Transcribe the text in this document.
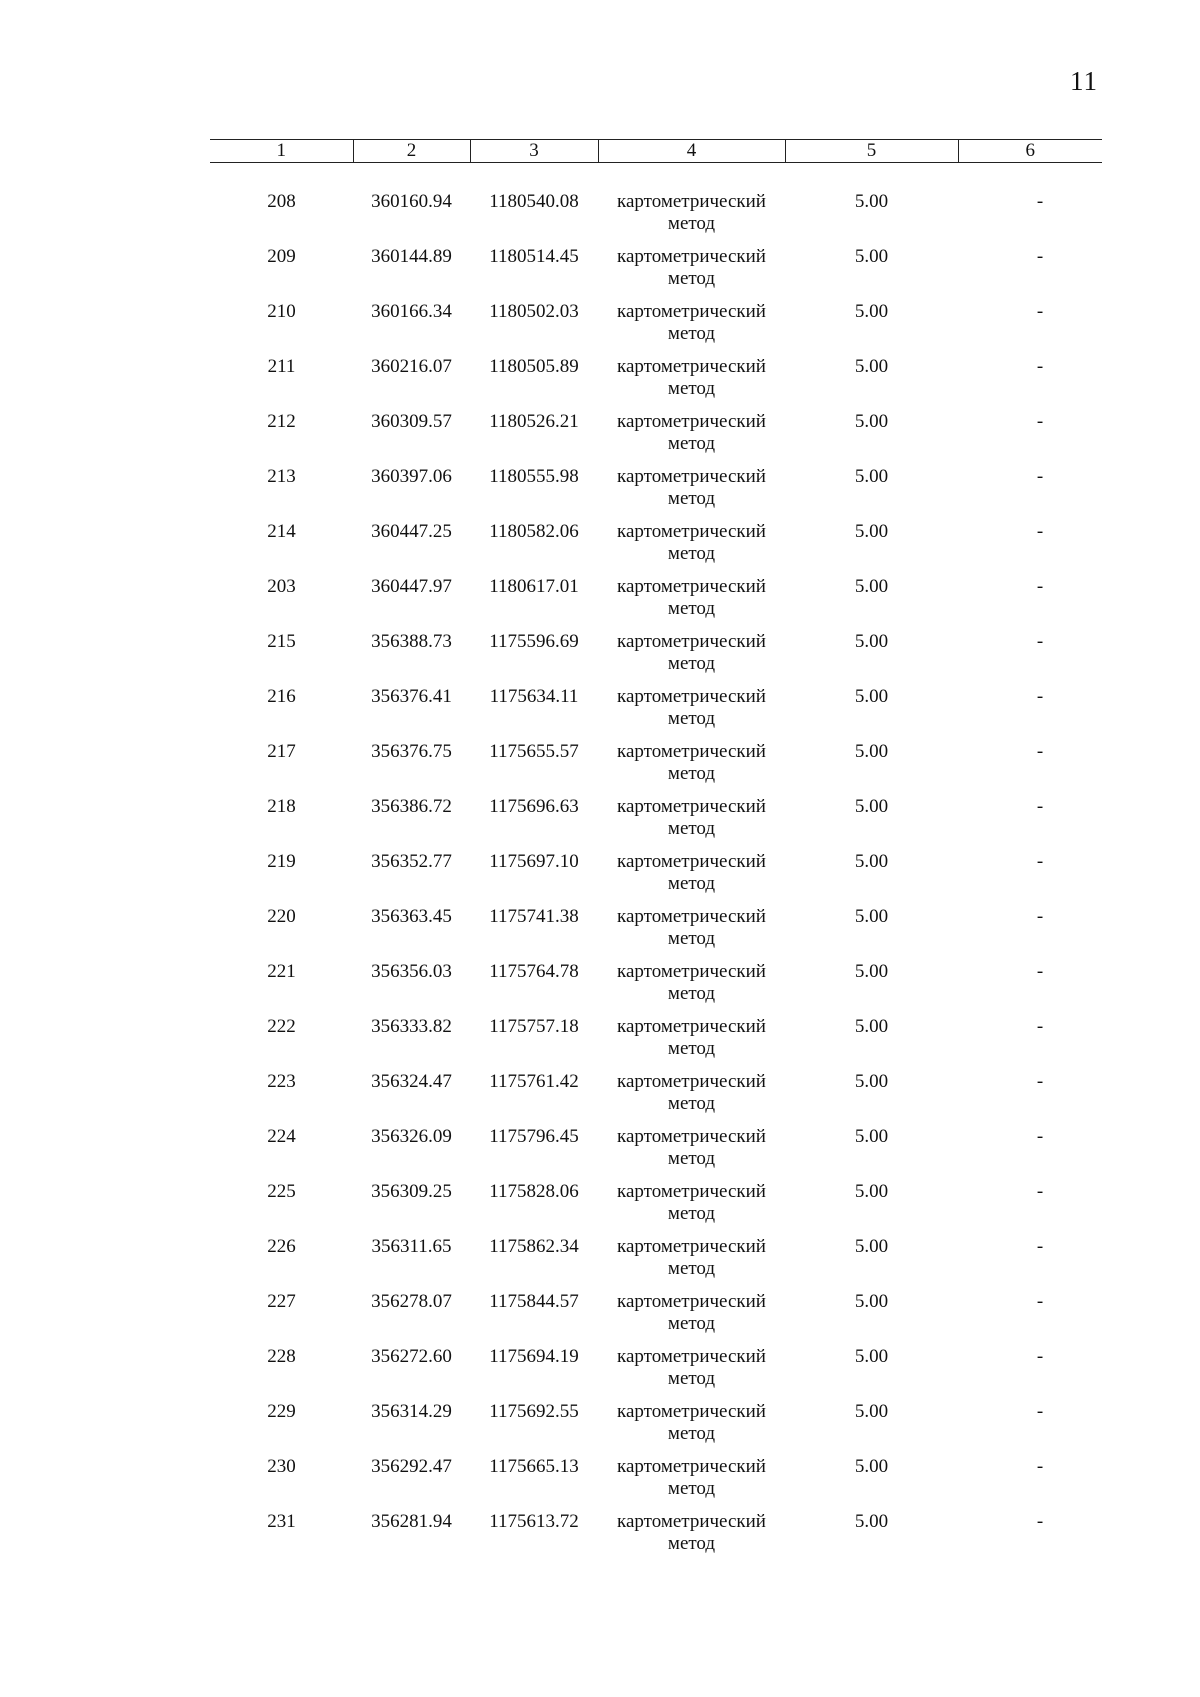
11
1	2	3	4	5	6
208	360160.94	1180540.08	картометрический метод	5.00	-
209	360144.89	1180514.45	картометрический метод	5.00	-
210	360166.34	1180502.03	картометрический метод	5.00	-
211	360216.07	1180505.89	картометрический метод	5.00	-
212	360309.57	1180526.21	картометрический метод	5.00	-
213	360397.06	1180555.98	картометрический метод	5.00	-
214	360447.25	1180582.06	картометрический метод	5.00	-
203	360447.97	1180617.01	картометрический метод	5.00	-
215	356388.73	1175596.69	картометрический метод	5.00	-
216	356376.41	1175634.11	картометрический метод	5.00	-
217	356376.75	1175655.57	картометрический метод	5.00	-
218	356386.72	1175696.63	картометрический метод	5.00	-
219	356352.77	1175697.10	картометрический метод	5.00	-
220	356363.45	1175741.38	картометрический метод	5.00	-
221	356356.03	1175764.78	картометрический метод	5.00	-
222	356333.82	1175757.18	картометрический метод	5.00	-
223	356324.47	1175761.42	картометрический метод	5.00	-
224	356326.09	1175796.45	картометрический метод	5.00	-
225	356309.25	1175828.06	картометрический метод	5.00	-
226	356311.65	1175862.34	картометрический метод	5.00	-
227	356278.07	1175844.57	картометрический метод	5.00	-
228	356272.60	1175694.19	картометрический метод	5.00	-
229	356314.29	1175692.55	картометрический метод	5.00	-
230	356292.47	1175665.13	картометрический метод	5.00	-
231	356281.94	1175613.72	картометрический метод	5.00	-
